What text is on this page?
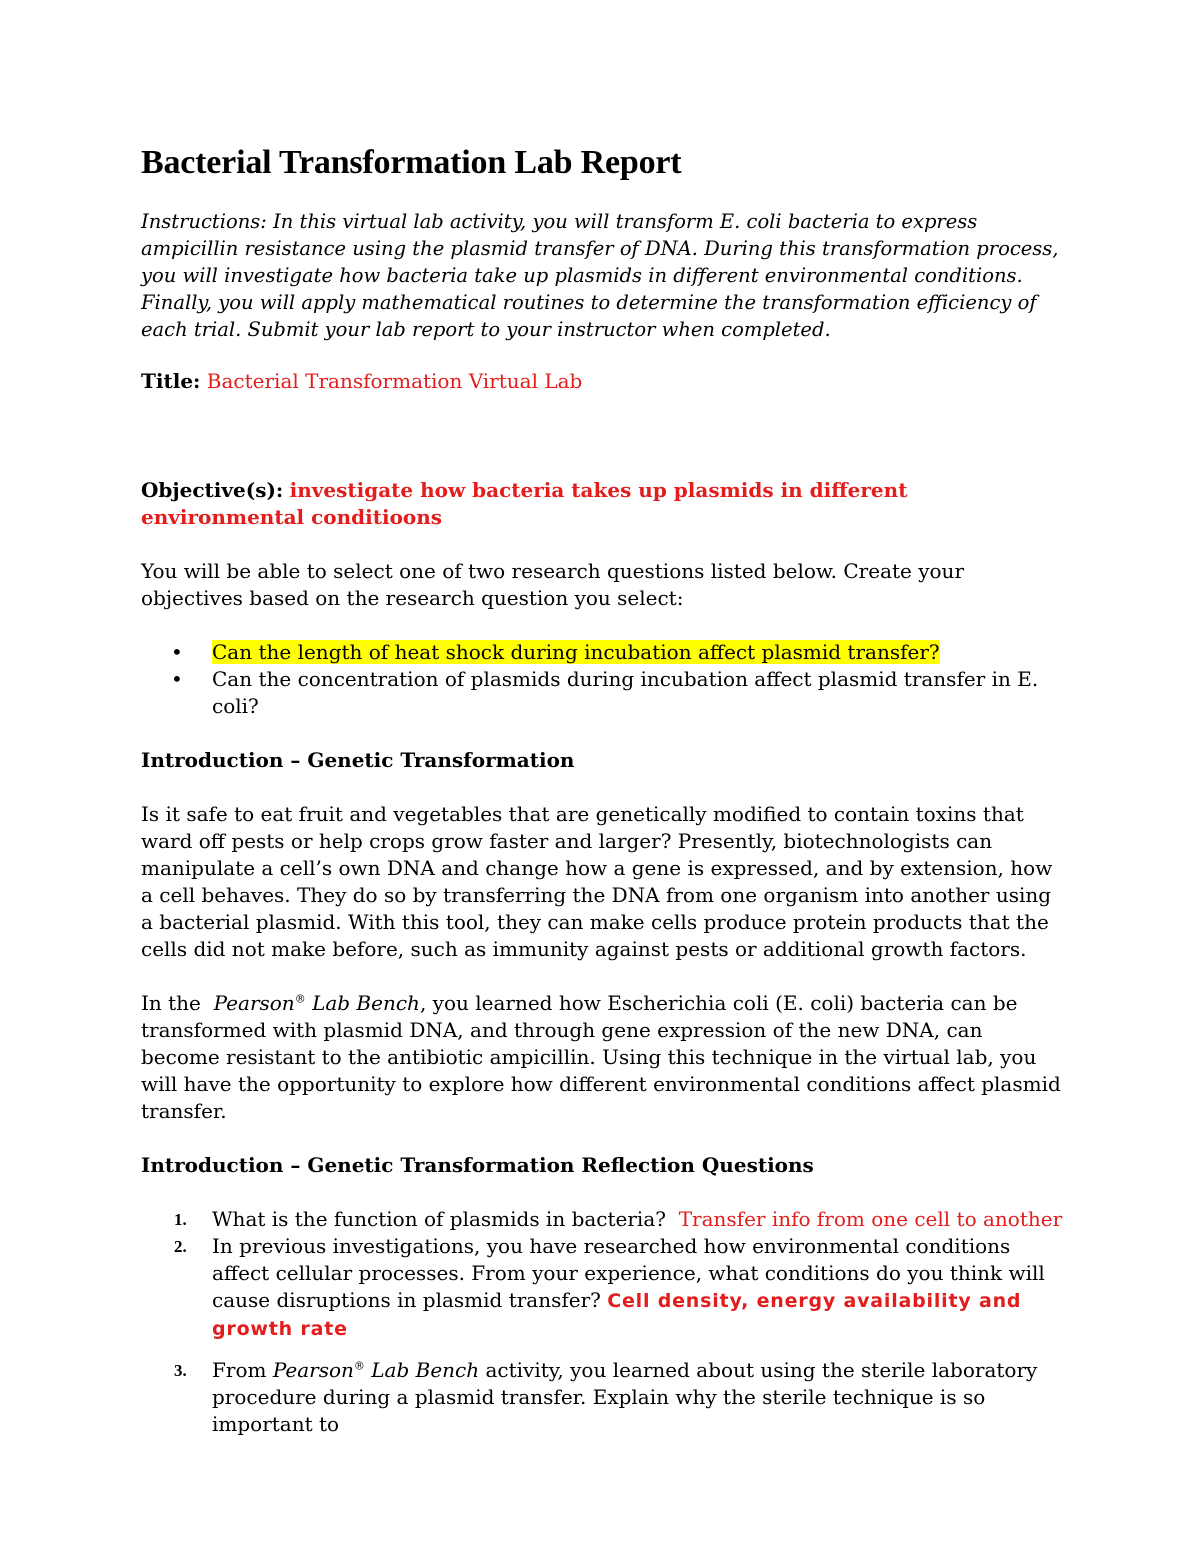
Bacterial Transformation Lab Report

Instructions: In this virtual lab activity, you will transform E. coli bacteria to express ampicillin resistance using the plasmid transfer of DNA. During this transformation process, you will investigate how bacteria take up plasmids in different environmental conditions. Finally, you will apply mathematical routines to determine the transformation efficiency of each trial. Submit your lab report to your instructor when completed.

Title: Bacterial Transformation Virtual Lab

Objective(s): investigate how bacteria takes up plasmids in different environmental conditioons

You will be able to select one of two research questions listed below. Create your objectives based on the research question you select:

• Can the length of heat shock during incubation affect plasmid transfer?
• Can the concentration of plasmids during incubation affect plasmid transfer in E. coli?
Introduction – Genetic Transformation

Is it safe to eat fruit and vegetables that are genetically modified to contain toxins that ward off pests or help crops grow faster and larger? Presently, biotechnologists can manipulate a cell’s own DNA and change how a gene is expressed, and by extension, how a cell behaves. They do so by transferring the DNA from one organism into another using a bacterial plasmid. With this tool, they can make cells produce protein products that the cells did not make before, such as immunity against pests or additional growth factors.

In the Pearson® Lab Bench, you learned how Escherichia coli (E. coli) bacteria can be transformed with plasmid DNA, and through gene expression of the new DNA, can become resistant to the antibiotic ampicillin. Using this technique in the virtual lab, you will have the opportunity to explore how different environmental conditions affect plasmid transfer.

Introduction – Genetic Transformation Reflection Questions
1. What is the function of plasmids in bacteria? Transfer info from one cell to another
2. In previous investigations, you have researched how environmental conditions affect cellular processes. From your experience, what conditions do you think will cause disruptions in plasmid transfer? Cell density, energy availability and growth rate
3. From Pearson® Lab Bench activity, you learned about using the sterile laboratory procedure during a plasmid transfer. Explain why the sterile technique is so important to
